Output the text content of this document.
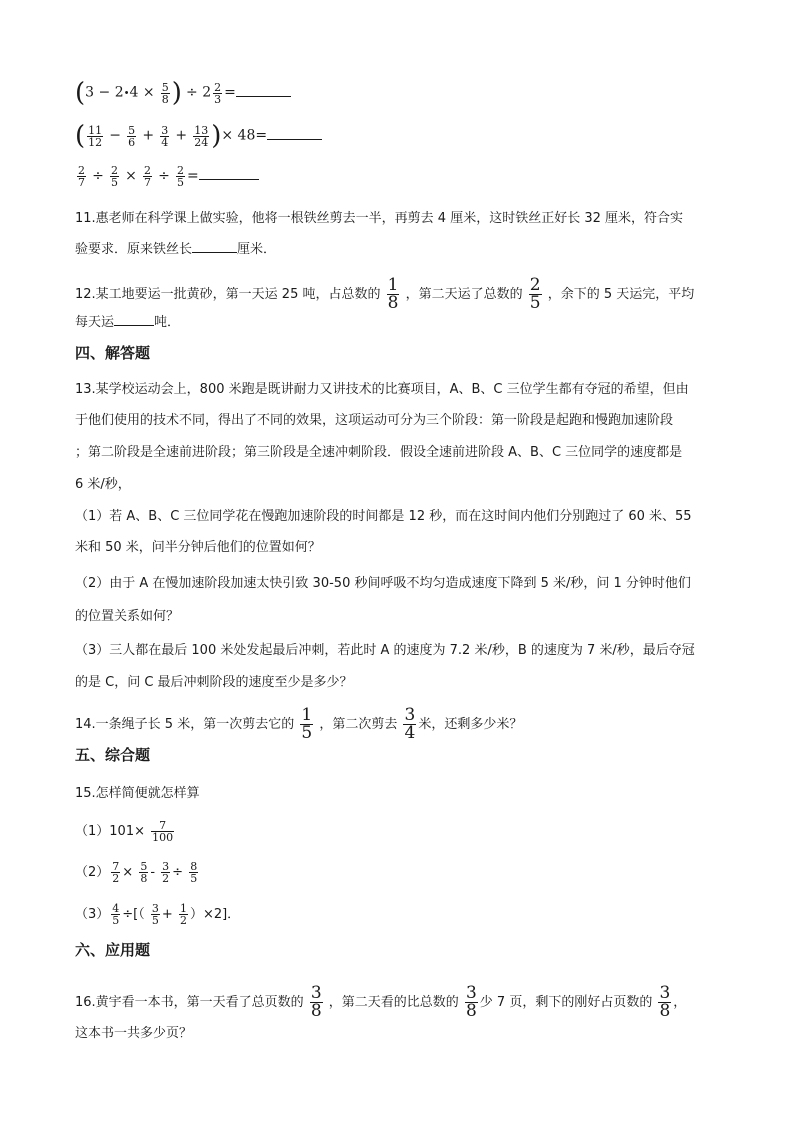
(3 − 2•4 × $\frac{5}{8}$ ) ÷ $2 \frac{2}{3}$ =
( $\frac{11}{12} - \frac{5}{6} + \frac{3}{4} + \frac{13}{24}$ )× 48=
$\frac{2}{7} \div \frac{2}{5} \times \frac{2}{7} \div \frac{2}{5}$ =
11.惠老师在科学课上做实验，他将一根铁丝剪去一半，再剪去 4 厘米，这时铁丝正好长 32 厘米，符合实
验要求．原来铁丝长	厘米．
12.某工地要运一批黄砂，第一天运 25 吨，占总数的 $\frac{1}{8}$ ，第二天运了总数的 $\frac{2}{5}$ ，余下的 5 天运完，平均
每天运	吨．
四、解答题
13.某学校运动会上，800 米跑是既讲耐力又讲技术的比赛项目，A、B、C 三位学生都有夺冠的希望，但由
于他们使用的技术不同，得出了不同的效果，这项运动可分为三个阶段：第一阶段是起跑和慢跑加速阶段
；第二阶段是全速前进阶段；第三阶段是全速冲刺阶段．假设全速前进阶段 A、B、C 三位同学的速度都是
6 米/秒，
（1）若 A、B、C 三位同学花在慢跑加速阶段的时间都是 12 秒，而在这时间内他们分别跑过了 60 米、55
米和 50 米，问半分钟后他们的位置如何？
（2）由于 A 在慢加速阶段加速太快引致 30-50 秒间呼吸不均匀造成速度下降到 5 米/秒，问 1 分钟时他们
的位置关系如何？
（3）三人都在最后 100 米处发起最后冲刺，若此时 A 的速度为 7.2 米/秒，B 的速度为 7 米/秒，最后夺冠
的是 C，问 C 最后冲刺阶段的速度至少是多少？
14.一条绳子长 5 米，第一次剪去它的 $\frac{1}{5}$ ，第二次剪去 $\frac{3}{4}$ 米，还剩多少米？
五、综合题
15.怎样简便就怎样算
$(1)101\times \frac{7}{100}$
$(2) \frac{7}{2} \times \frac{5}{8} - \frac{3}{2} \div \frac{8}{5}$
$(3) \frac{4}{5}$ ÷[（ $\frac{3}{5} + \frac{1}{2} )\times 2$]．
六、应用题
16.黄宇看一本书，第一天看了总页数的 $\frac{3}{8}$ ，第二天看的比总数的 $\frac{3}{8}$ 少 7 页，剩下的刚好占页数的 $\frac{3}{8}$ ，
这本书一共多少页？
